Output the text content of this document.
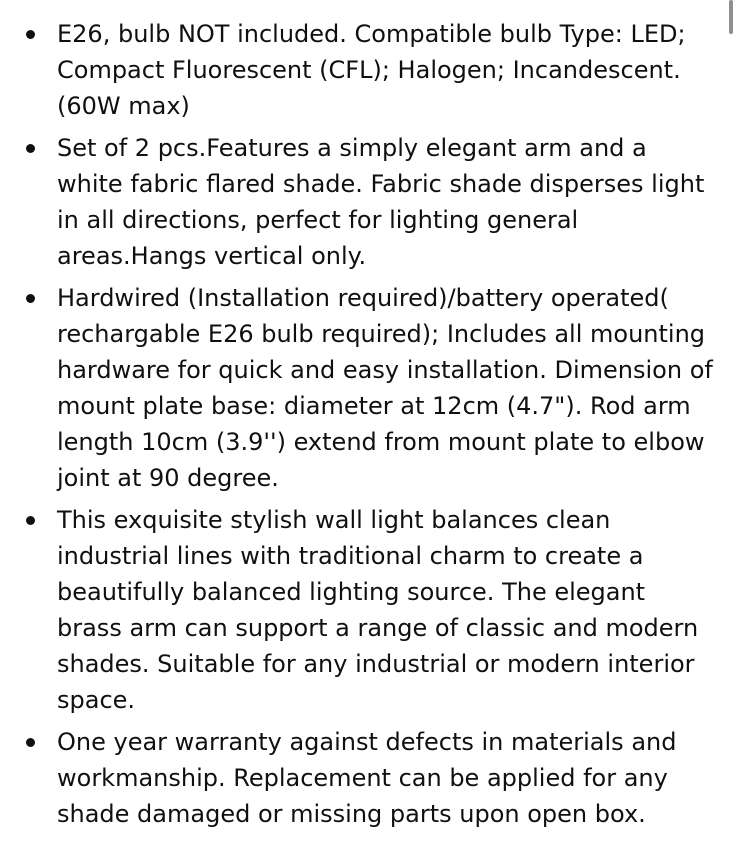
E26, bulb NOT included. Compatible bulb Type: LED; Compact Fluorescent (CFL); Halogen; Incandescent. (60W max)
Set of 2 pcs.Features a simply elegant arm and a white fabric flared shade. Fabric shade disperses light in all directions, perfect for lighting general areas.Hangs vertical only.
Hardwired (Installation required)/battery operated( rechargable E26 bulb required); Includes all mounting hardware for quick and easy installation. Dimension of mount plate base: diameter at 12cm (4.7"). Rod arm length 10cm (3.9'') extend from mount plate to elbow joint at 90 degree.
This exquisite stylish wall light balances clean industrial lines with traditional charm to create a beautifully balanced lighting source. The elegant brass arm can support a range of classic and modern shades. Suitable for any industrial or modern interior space.
One year warranty against defects in materials and workmanship. Replacement can be applied for any shade damaged or missing parts upon open box.
